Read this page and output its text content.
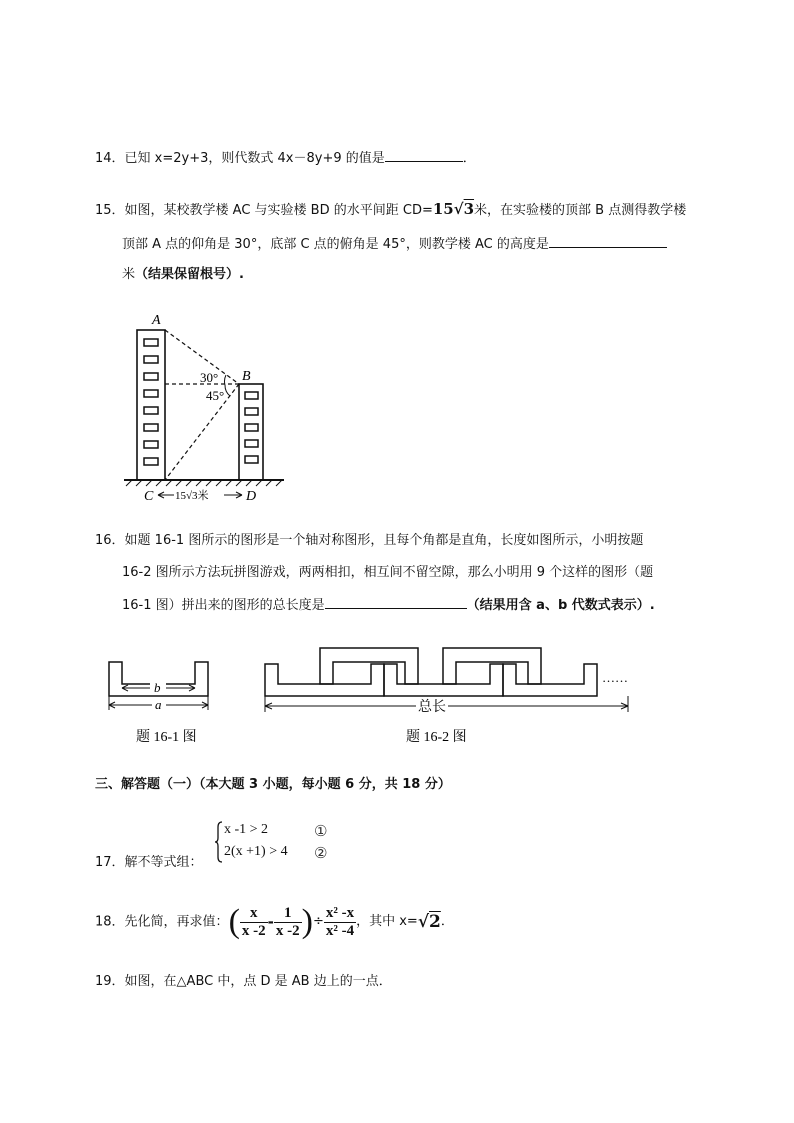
14．已知 x=2y+3，则代数式 4x－8y+9 的值是	．
15．如图，某校教学楼 AC 与实验楼 BD 的水平间距 CD=15√3米，在实验楼的顶部 B 点测得教学楼
顶部 A 点的仰角是 30°，底部 C 点的俯角是 45°，则教学楼 AC 的高度是
米（结果保留根号）.
A
B
30°
45°
C	D
15√3米
16．如题 16-1 图所示的图形是一个轴对称图形，且每个角都是直角，长度如图所示，小明按题
16-2 图所示方法玩拼图游戏，两两相扣，相互间不留空隙，那么小明用 9 个这样的图形（题
16-1 图）拼出来的图形的总长度是	（结果用含 a、b 代数式表示）.
b
a
题 16-1 图
……
总长
题 16-2 图
三、解答题（一）（本大题 3 小题，每小题 6 分，共 18 分）
17．解不等式组：
x -1 > 2
2(x +1) > 4
①
②
18．先化简，再求值：( $\frac{x}{x -2} - \frac{1}{x -2}$ )÷ $\frac{\text{x² -x}}{\text{x² -4}}$ ，其中 x=√2．
19．如图，在△ABC 中，点 D 是 AB 边上的一点．
